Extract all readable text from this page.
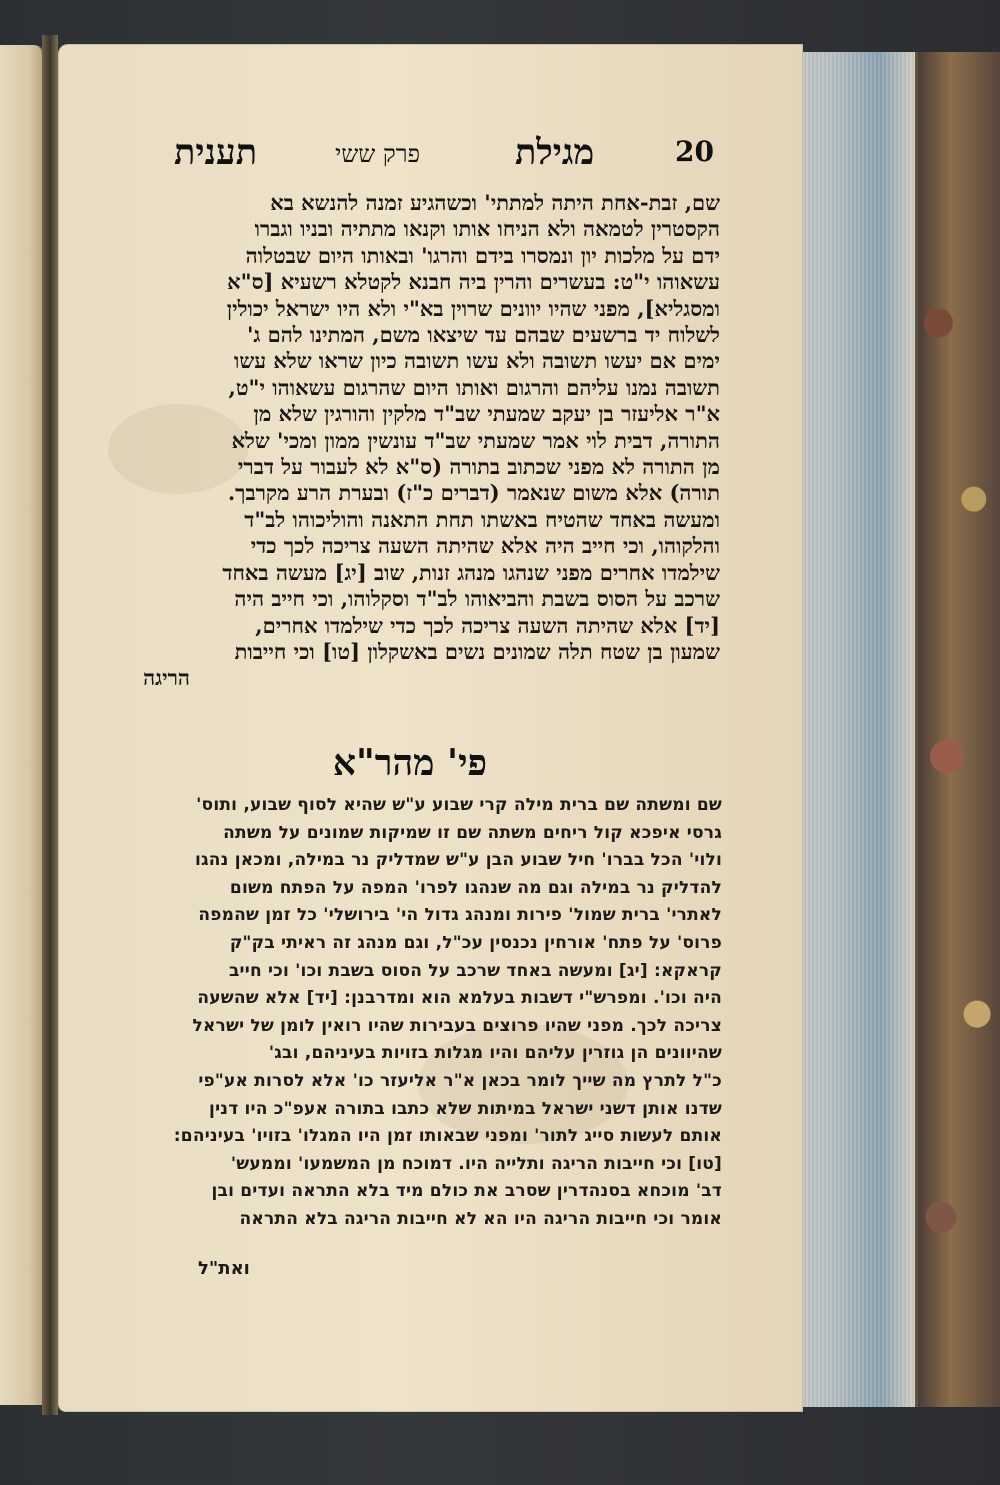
20
מגילת
פרק ששי
תענית
שם, זבת-אחת היתה למתתי' וכשהגיע זמנה להנשא בא
הקסטרין לטמאה ולא הניחו אותו וקנאו מתתיה ובניו וגברו
ידם על מלכות יון ונמסרו בידם והרגו' ובאותו היום שבטלוה
עשאוהו י"ט: בעשרים והרין ביה חבנא לקטלא רשעיא [ס"א
ומסגליא], מפני שהיו יוונים שרוין בא"י ולא היו ישראל יכולין
לשלוח יד ברשעים שבהם עד שיצאו משם, המתינו להם ג'
ימים אם יעשו תשובה ולא עשו תשובה כיון שראו שלא עשו
תשובה נמנו עליהם והרגום ואותו היום שהרגום עשאוהו י"ט,
א"ר אליעזר בן יעקב שמעתי שב"ד מלקין והורגין שלא מן
התורה, דבית לוי אמר שמעתי שב"ד עונשין ממון ומכי' שלא
מן התורה לא מפני שכתוב בתורה (ס"א לא לעבור על דברי
תורה) אלא משום שנאמר (דברים כ"ז) ובערת הרע מקרבך.
ומעשה באחד שהטיח באשתו תחת התאנה והוליכוהו לב"ד
והלקוהו, וכי חייב היה אלא שהיתה השעה צריכה לכך כדי
שילמדו אחרים מפני שנהגו מנהג זנות, שוב [יג] מעשה באחד
שרכב על הסוס בשבת והביאוהו לב"ד וסקלוהו, וכי חייב היה
[יד] אלא שהיתה השעה צריכה לכך כדי שילמדו אחרים,
שמעון בן שטח תלה שמונים נשים באשקלון [טו] וכי חייבות
הריגה
פי' מהר"א
שם ומשתה שם ברית מילה קרי שבוע ע"ש שהיא לסוף שבוע, ותוס'
גרסי איפכא קול ריחים משתה שם זו שמיקות שמונים על משתה
ולוי' הכל בברו' חיל שבוע הבן ע"ש שמדליק נר במילה, ומכאן נהגו
להדליק נר במילה וגם מה שנהגו לפרו' המפה על הפתח משום
לאתרי' ברית שמול' פירות ומנהג גדול הי' בירושלי' כל זמן שהמפה
פרוס' על פתח' אורחין נכנסין עכ"ל, וגם מנהג זה ראיתי בק"ק
קראקא: [יג] ומעשה באחד שרכב על הסוס בשבת וכו' וכי חייב
היה וכו'. ומפרש"י דשבות בעלמא הוא ומדרבנן: [יד] אלא שהשעה
צריכה לכך. מפני שהיו פרוצים בעבירות שהיו רואין לומן של ישראל
שהיוונים הן גוזרין עליהם והיו מגלות בזויות בעיניהם, ובג'
כ"ל לתרץ מה שייך לומר בכאן א"ר אליעזר כו' אלא לסרות אע"פי
שדנו אותן דשני ישראל במיתות שלא כתבו בתורה אעפ"כ היו דנין
אותם לעשות סייג לתור' ומפני שבאותו זמן היו המגלו' בזויו' בעיניהם:
[טו] וכי חייבות הריגה ותלייה היו. דמוכח מן המשמעו' וממעש'
דב' מוכחא בסנהדרין שסרב את כולם מיד בלא התראה ועדים ובן
אומר וכי חייבות הריגה היו הא לא חייבות הריגה בלא התראה
ואת"ל
